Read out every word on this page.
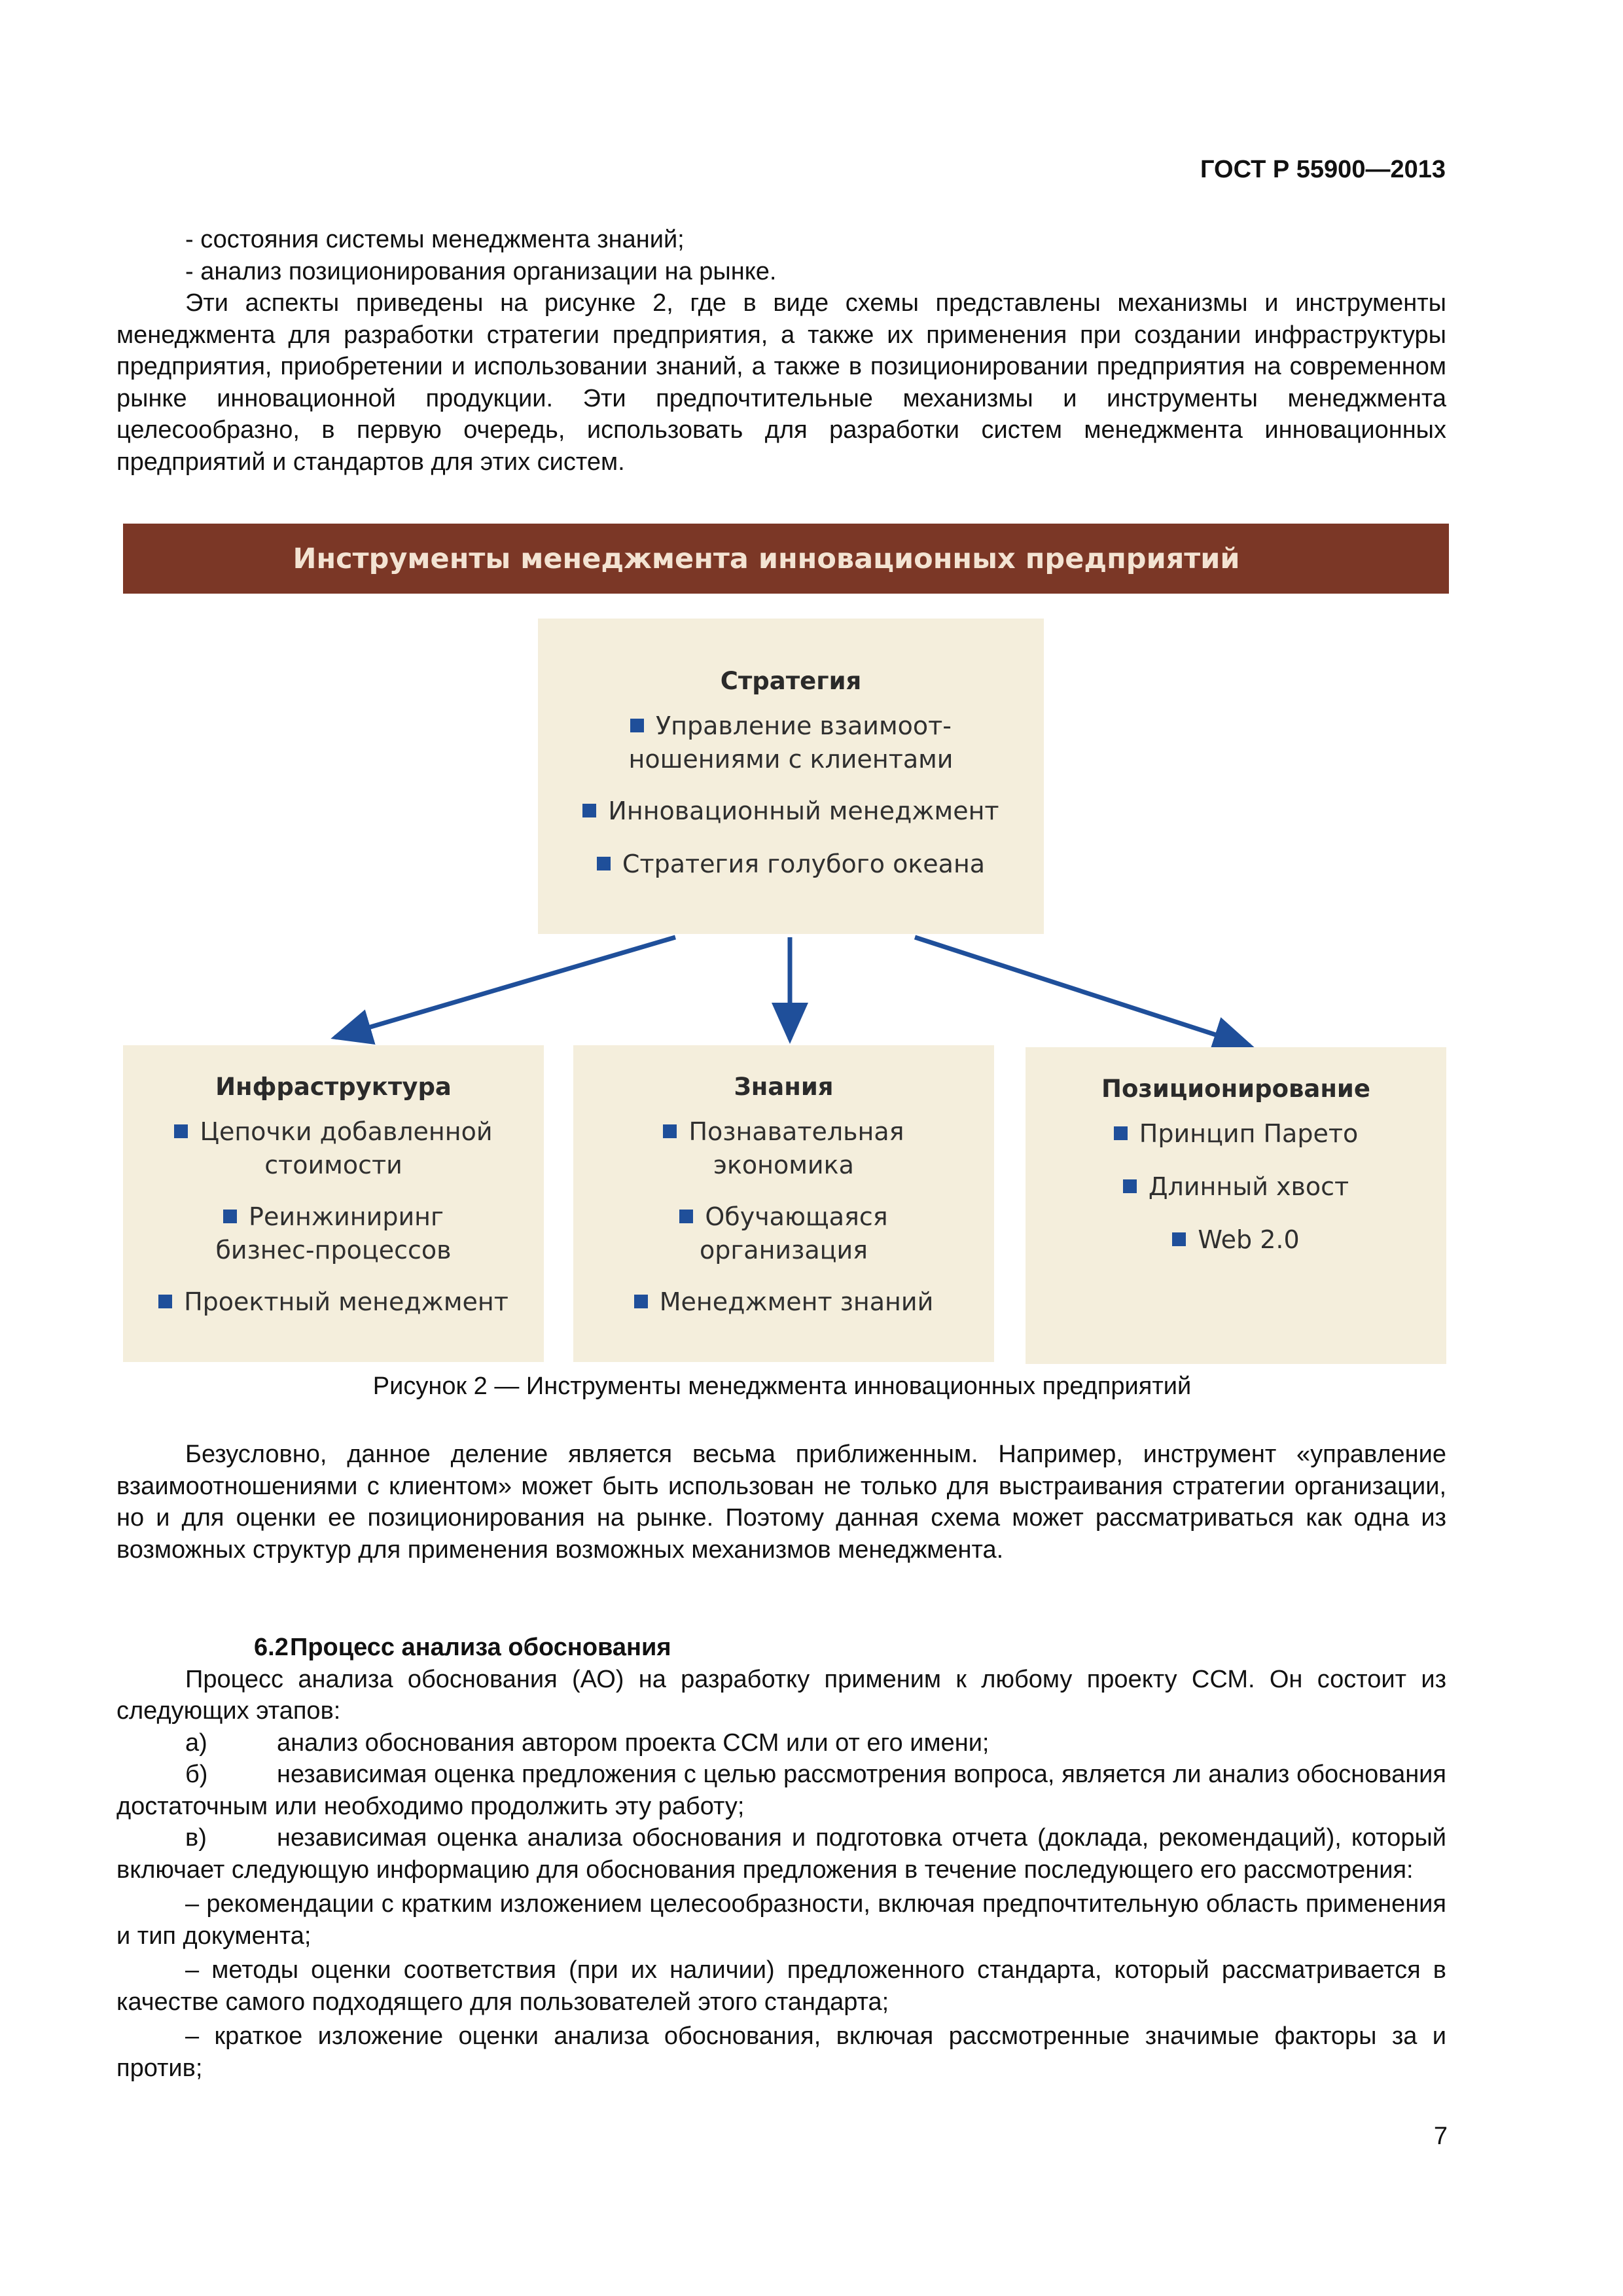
ГОСТ Р 55900—2013

- состояния системы менеджмента знаний;

- анализ позиционирования организации на рынке.

Эти аспекты приведены на рисунке 2, где в виде схемы представлены механизмы и инструменты менеджмента для разработки стратегии предприятия, а также их применения при создании инфраструктуры предприятия, приобретении и использовании знаний, а также в позиционировании предприятия на современном рынке инновационной продукции. Эти предпочтительные механизмы и инструменты менеджмента целесообразно, в первую очередь, использовать для разработки систем менеджмента инновационных предприятий и стандартов для этих систем.

Инструменты менеджмента инновационных предприятий
Стратегия
Управление взаимоот-
ношениями с клиентами
Инновационный менеджмент
Стратегия голубого океана
Инфраструктура
Цепочки добавленной
стоимости
Реинжиниринг
бизнес-процессов
Проектный менеджмент
Знания
Познавательная
экономика
Обучающаяся
организация
Менеджмент знаний
Позиционирование
Принцип Парето
Длинный хвост
Web 2.0
Рисунок 2 — Инструменты менеджмента инновационных предприятий

Безусловно, данное деление является весьма приближенным. Например, инструмент «управление взаимоотношениями с клиентом» может быть использован не только для выстраивания стратегии организации, но и для оценки ее позиционирования на рынке. Поэтому данная схема может рассматриваться как одна из возможных структур для применения возможных механизмов менеджмента.

6.2Процесс анализа обоснования

Процесс анализа обоснования (АО) на разработку применим к любому проекту ССМ. Он состоит из следующих этапов:

а)	анализ обоснования автором проекта ССМ или от его имени;

б)	независимая оценка предложения с целью рассмотрения вопроса, является ли анализ обоснования достаточным или необходимо продолжить эту работу;

в)	независимая оценка анализа обоснования и подготовка отчета (доклада, рекомендаций), который включает следующую информацию для обоснования предложения в течение последующего его рассмотрения:

– рекомендации с кратким изложением целесообразности, включая предпочтительную область применения и тип документа;

– методы оценки соответствия (при их наличии) предложенного стандарта, который рассматривается в качестве самого подходящего для пользователей этого стандарта;

– краткое изложение оценки анализа обоснования, включая рассмотренные значимые факторы за и против;

7
